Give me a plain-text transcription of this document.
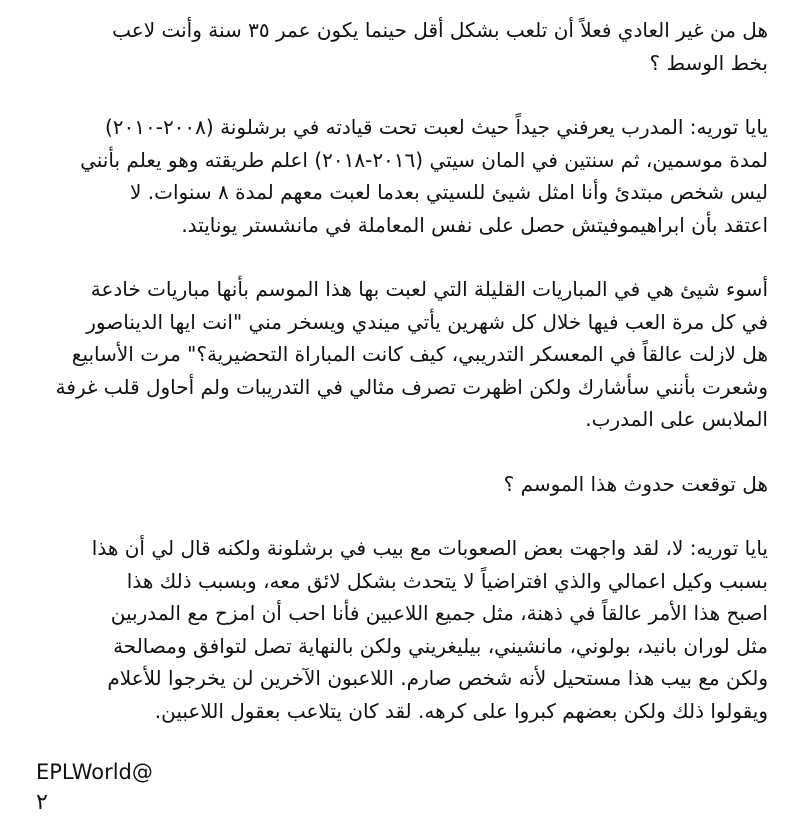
هل من غير العادي فعلاً أن تلعب بشكل أقل حينما يكون عمر ٣٥ سنة وأنت لاعب
بخط الوسط ؟

يايا توريه: المدرب يعرفني جيداً حيث لعبت تحت قيادته في برشلونة (٢٠٠٨-٢٠١٠)
لمدة موسمين، ثم سنتين في المان سيتي (٢٠١٦-٢٠١٨) اعلم طريقته وهو يعلم بأنني
ليس شخص مبتدئ وأنا امثل شيئ للسيتي بعدما لعبت معهم لمدة ٨ سنوات. لا
اعتقد بأن ابراهيموفيتش حصل على نفس المعاملة في مانشستر يونايتد.

أسوء شيئ هي في المباريات القليلة التي لعبت بها هذا الموسم بأنها مباريات خادعة
في كل مرة العب فيها خلال كل شهرين يأتي ميندي ويسخر مني "انت ايها الديناصور
هل لازلت عالقاً في المعسكر التدريبي، كيف كانت المباراة التحضيرية؟" مرت الأسابيع
وشعرت بأنني سأشارك ولكن اظهرت تصرف مثالي في التدريبات ولم أحاول قلب غرفة
الملابس على المدرب.

هل توقعت حدوث هذا الموسم ؟

يايا توريه: لا، لقد واجهت بعض الصعوبات مع بيب في برشلونة ولكنه قال لي أن هذا
بسبب وكيل اعمالي والذي افتراضياً لا يتحدث بشكل لائق معه، وبسبب ذلك هذا
اصبح هذا الأمر عالقاً في ذهنة، مثل جميع اللاعبين فأنا احب أن امزح مع المدربين
مثل لوران بانيد، بولوني، مانشيني، بيليغريني ولكن بالنهاية تصل لتوافق ومصالحة
ولكن مع بيب هذا مستحيل لأنه شخص صارم. اللاعبون الآخرين لن يخرجوا للأعلام
ويقولوا ذلك ولكن بعضهم كبروا على كرهه. لقد كان يتلاعب بعقول اللاعبين.

EPLWorld@
٢
